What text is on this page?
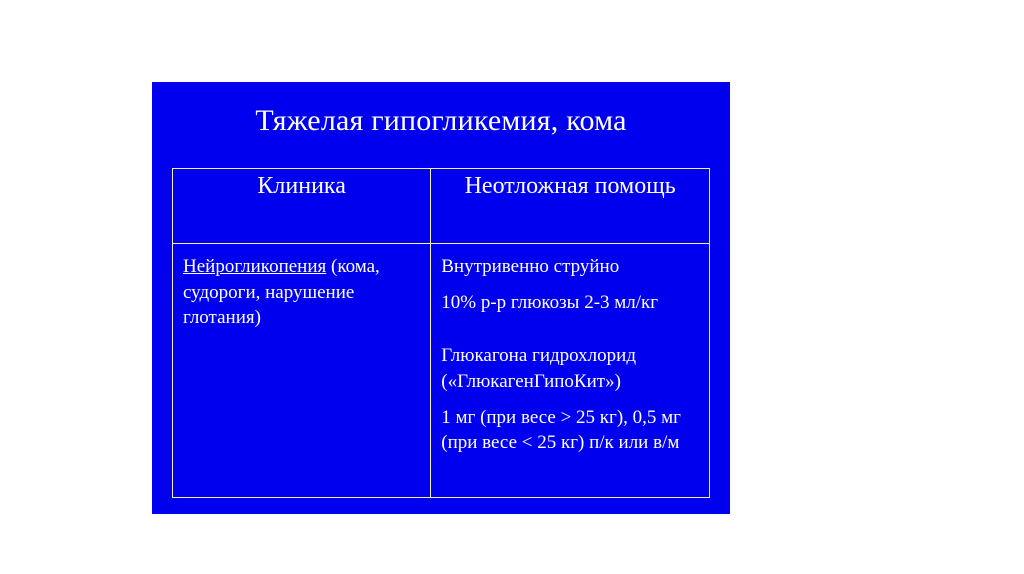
Тяжелая гипогликемия, кома
Клиника	Неотложная помощь

Нейрогликопения (кома, судороги, нарушение глотания)	Внутривенно струйно

10% р-р глюкозы 2-3 мл/кг

Глюкагона гидрохлорид («ГлюкагенГипоКит»)

1 мг (при весе > 25 кг), 0,5 мг (при весе < 25 кг) п/к или в/м
